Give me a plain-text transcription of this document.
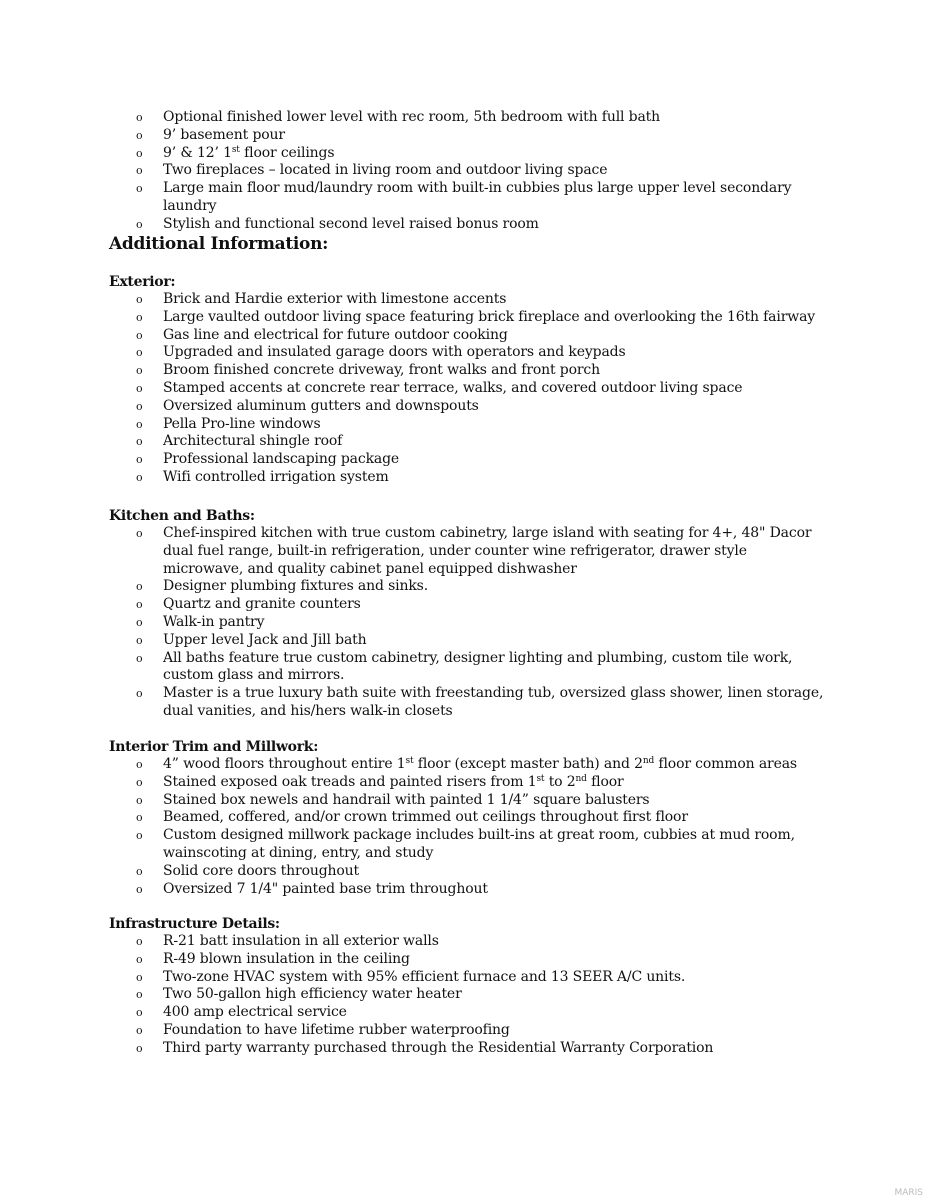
o Optional finished lower level with rec room, 5th bedroom with full bath
o 9’ basement pour
o 9’ & 12’ 1st floor ceilings
o Two fireplaces – located in living room and outdoor living space
o Large main floor mud/laundry room with built-in cubbies plus large upper level secondary laundry
o Stylish and functional second level raised bonus room
Additional Information:
Exterior:
o Brick and Hardie exterior with limestone accents
o Large vaulted outdoor living space featuring brick fireplace and overlooking the 16th fairway
o Gas line and electrical for future outdoor cooking
o Upgraded and insulated garage doors with operators and keypads
o Broom finished concrete driveway, front walks and front porch
o Stamped accents at concrete rear terrace, walks, and covered outdoor living space
o Oversized aluminum gutters and downspouts
o Pella Pro-line windows
o Architectural shingle roof
o Professional landscaping package
o Wifi controlled irrigation system
Kitchen and Baths:
o Chef-inspired kitchen with true custom cabinetry, large island with seating for 4+, 48" Dacor dual fuel range, built-in refrigeration, under counter wine refrigerator, drawer style microwave, and quality cabinet panel equipped dishwasher
o Designer plumbing fixtures and sinks.
o Quartz and granite counters
o Walk-in pantry
o Upper level Jack and Jill bath
o All baths feature true custom cabinetry, designer lighting and plumbing, custom tile work, custom glass and mirrors.
o Master is a true luxury bath suite with freestanding tub, oversized glass shower, linen storage, dual vanities, and his/hers walk-in closets
Interior Trim and Millwork:
o 4” wood floors throughout entire 1st floor (except master bath) and 2nd floor common areas
o Stained exposed oak treads and painted risers from 1st to 2nd floor
o Stained box newels and handrail with painted 1 1/4” square balusters
o Beamed, coffered, and/or crown trimmed out ceilings throughout first floor
o Custom designed millwork package includes built-ins at great room, cubbies at mud room, wainscoting at dining, entry, and study
o Solid core doors throughout
o Oversized 7 1/4" painted base trim throughout
Infrastructure Details:
o R-21 batt insulation in all exterior walls
o R-49 blown insulation in the ceiling
o Two-zone HVAC system with 95% efficient furnace and 13 SEER A/C units.
o Two 50-gallon high efficiency water heater
o 400 amp electrical service
o Foundation to have lifetime rubber waterproofing
o Third party warranty purchased through the Residential Warranty Corporation
MARIS
